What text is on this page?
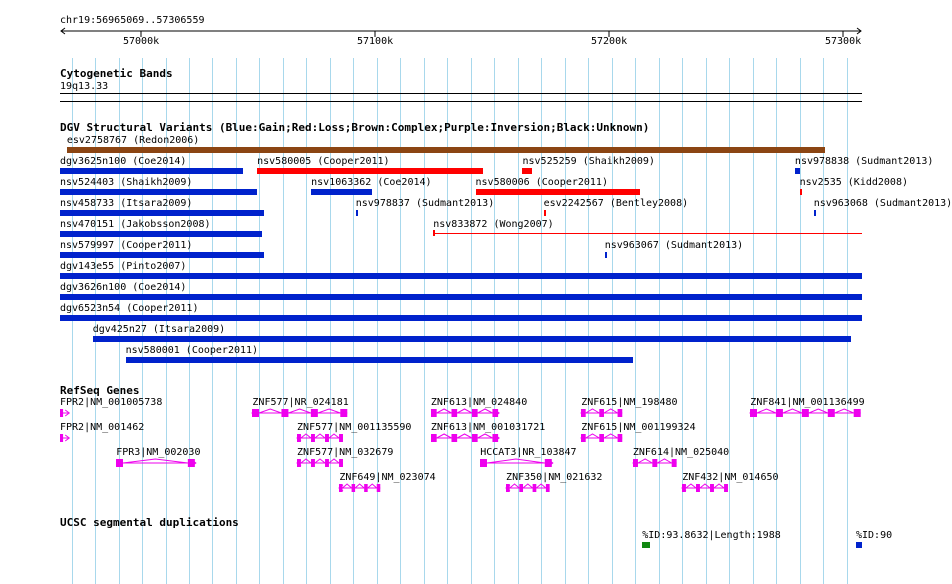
chr19:56965069..57306559
57000k	57100k	57200k	57300k
Cytogenetic Bands
19q13.33
DGV Structural Variants (Blue:Gain;Red:Loss;Brown:Complex;Purple:Inversion;Black:Unknown)
esv2758767 (Redon2006)
dgv3625n100 (Coe2014)	nsv580005 (Cooper2011)	nsv525259 (Shaikh2009)	nsv978838 (Sudmant2013)
nsv524403 (Shaikh2009)	nsv1063362 (Coe2014)	nsv580006 (Cooper2011)	nsv2535 (Kidd2008)
nsv458733 (Itsara2009)	nsv978837 (Sudmant2013)	esv2242567 (Bentley2008)	nsv963068 (Sudmant2013)
nsv470151 (Jakobsson2008)	nsv833872 (Wong2007)
nsv579997 (Cooper2011)	nsv963067 (Sudmant2013)
dgv143e55 (Pinto2007)
dgv3626n100 (Coe2014)
dgv6523n54 (Cooper2011)
dgv425n27 (Itsara2009)
nsv580001 (Cooper2011)
RefSeq Genes
FPR2|NM_001005738	ZNF577|NR_024181	ZNF613|NM_024840	ZNF615|NM_198480	ZNF841|NM_001136499
FPR2|NM_001462	ZNF577|NM_001135590 ZNF613|NM_001031721	ZNF615|NM_001199324
FPR3|NM_002030	ZNF577|NM_032679	HCCAT3|NR_103847	ZNF614|NM_025040
ZNF649|NM_023074	ZNF350|NM_021632	ZNF432|NM_014650
UCSC segmental duplications
%ID:93.8632|Length:1988	%ID:90
